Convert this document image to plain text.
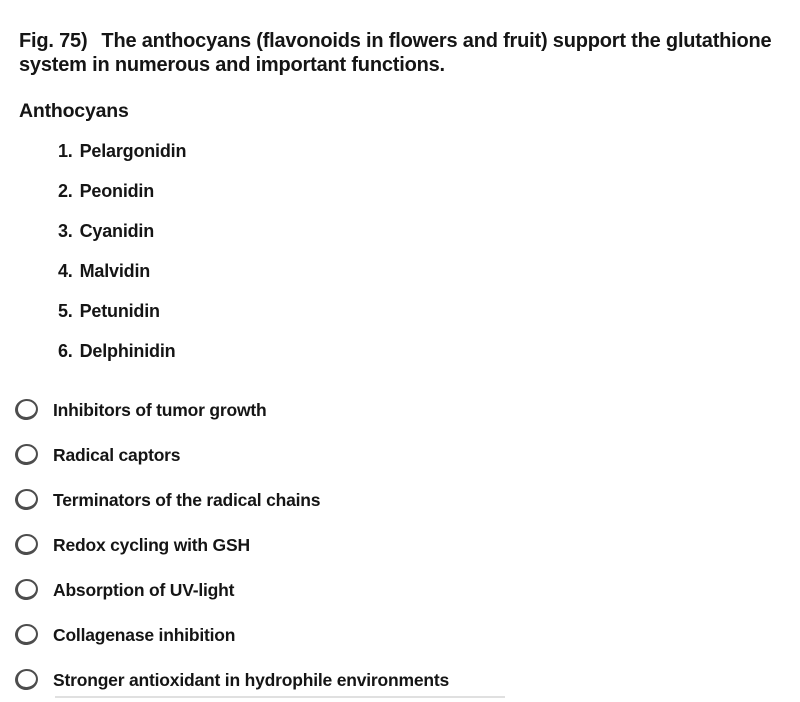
Fig. 75) The anthocyans (flavonoids in flowers and fruit) support the glutathione system in numerous and important functions.

Anthocyans
1. Pelargonidin
2. Peonidin
3. Cyanidin
4. Malvidin
5. Petunidin
6. Delphinidin
Inhibitors of tumor growth
Radical captors
Terminators of the radical chains
Redox cycling with GSH
Absorption of UV-light
Collagenase inhibition
Stronger antioxidant in hydrophile environments
